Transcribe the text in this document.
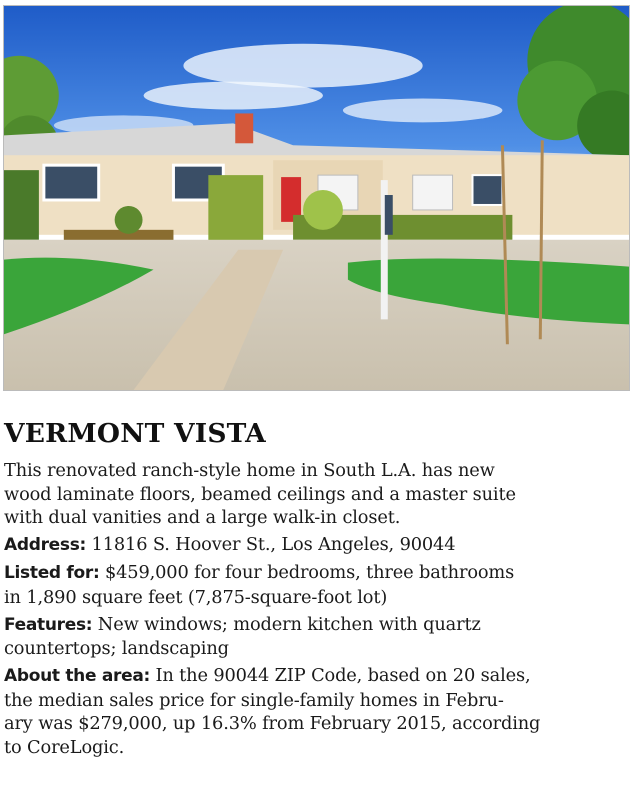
VERMONT VISTA

This renovated ranch-style home in South L.A. has new
wood laminate floors, beamed ceilings and a master suite
with dual vanities and a large walk-in closet.

Address: 11816 S. Hoover St., Los Angeles, 90044

Listed for: $459,000 for four bedrooms, three bathrooms
in 1,890 square feet (7,875-square-foot lot)

Features: New windows; modern kitchen with quartz
countertops; landscaping

About the area: In the 90044 ZIP Code, based on 20 sales,
the median sales price for single-family homes in Febru-
ary was $279,000, up 16.3% from February 2015, according
to CoreLogic.
